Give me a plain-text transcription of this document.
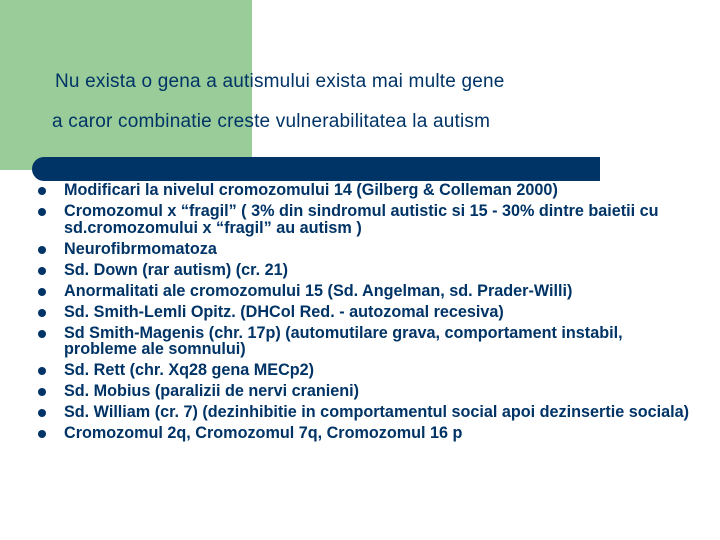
Nu exista o gena a autismului exista mai multe gene
a caror combinatie creste vulnerabilitatea la autism
Modificari la nivelul cromozomului 14 (Gilberg & Colleman 2000)
Cromozomul x “fragil” ( 3% din sindromul autistic si 15 - 30% dintre baietii cu sd.cromozomului x “fragil” au autism )
Neurofibrmomatoza
Sd. Down (rar autism) (cr. 21)
Anormalitati ale cromozomului 15 (Sd. Angelman, sd. Prader-Willi)
Sd. Smith-Lemli Opitz. (DHCol Red. - autozomal recesiva)
Sd Smith-Magenis (chr. 17p) (automutilare grava, comportament instabil, probleme ale somnului)
Sd. Rett (chr. Xq28 gena MECp2)
Sd. Mobius (paralizii de nervi cranieni)
Sd. William (cr. 7) (dezinhibitie in comportamentul social apoi dezinsertie sociala)
Cromozomul 2q, Cromozomul 7q, Cromozomul 16 p
